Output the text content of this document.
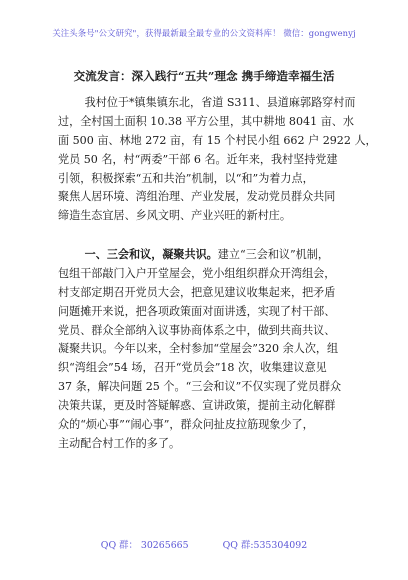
关注头条号"公文研究"，获得最新最全最专业的公文资料库！ 微信：gongwenyj
交流发言：深入践行“五共”理念 携手缔造幸福生活
我村位于*镇集镇东北，省道 S311、县道麻郭路穿村而
过，全村国土面积 10.38 平方公里，其中耕地 8041 亩、水
面 500 亩、林地 272 亩，有 15 个村民小组 662 户 2922 人，
党员 50 名，村“两委”干部 6 名。近年来，我村坚持党建
引领，积极探索“五和共治”机制，以“和”为着力点，
聚焦人居环境、湾组治理、产业发展，发动党员群众共同
缔造生态宜居、乡风文明、产业兴旺的新村庄。
一、三会和议，凝聚共识。建立“三会和议”机制，
包组干部敲门入户开堂屋会，党小组组织群众开湾组会，
村支部定期召开党员大会，把意见建议收集起来，把矛盾
问题摊开来说，把各项政策面对面讲透，实现了村干部、
党员、群众全部纳入议事协商体系之中，做到共商共议、
凝聚共识。今年以来，全村参加“堂屋会”320 余人次，组
织“湾组会”54 场，召开“党员会”18 次，收集建议意见
37 条，解决问题 25 个。“三会和议”不仅实现了党员群众
决策共谋，更及时答疑解惑、宣讲政策，提前主动化解群
众的“烦心事”“闹心事”，群众问扯皮拉筋现象少了，
主动配合村工作的多了。
QQ 群： 30265665	QQ 群:535304092
